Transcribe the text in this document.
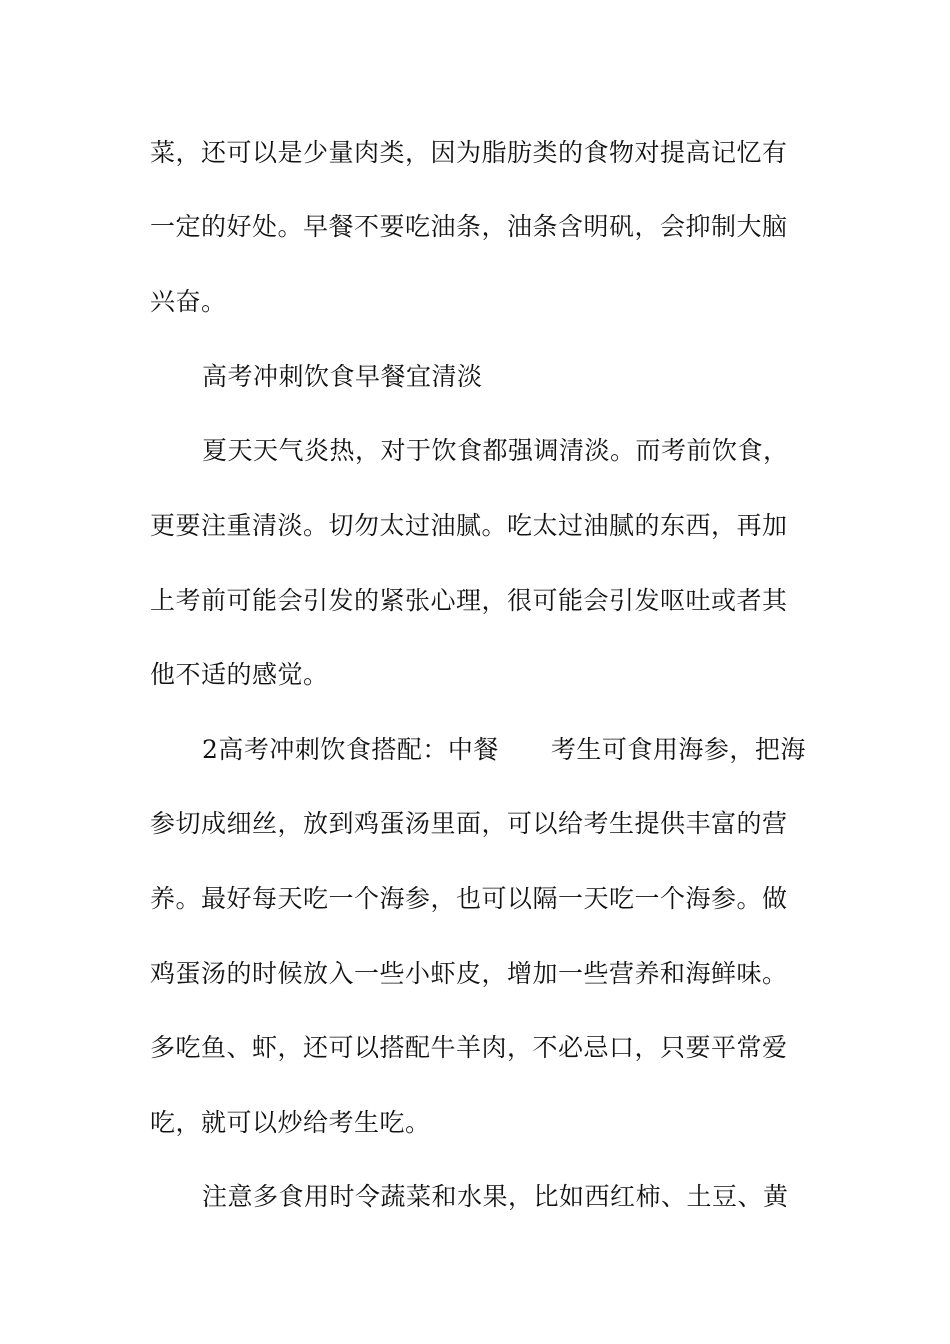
菜，还可以是少量肉类，因为脂肪类的食物对提高记忆有
一定的好处。早餐不要吃油条，油条含明矾，会抑制大脑
兴奋。
高考冲刺饮食早餐宜清淡
夏天天气炎热，对于饮食都强调清淡。而考前饮食，
更要注重清淡。切勿太过油腻。吃太过油腻的东西，再加
上考前可能会引发的紧张心理，很可能会引发呕吐或者其
他不适的感觉。
2高考冲刺饮食搭配：中餐 考生可食用海参，把海
参切成细丝，放到鸡蛋汤里面，可以给考生提供丰富的营
养。最好每天吃一个海参，也可以隔一天吃一个海参。做
鸡蛋汤的时候放入一些小虾皮，增加一些营养和海鲜味。
多吃鱼、虾，还可以搭配牛羊肉，不必忌口，只要平常爱
吃，就可以炒给考生吃。
注意多食用时令蔬菜和水果，比如西红柿、土豆、黄
